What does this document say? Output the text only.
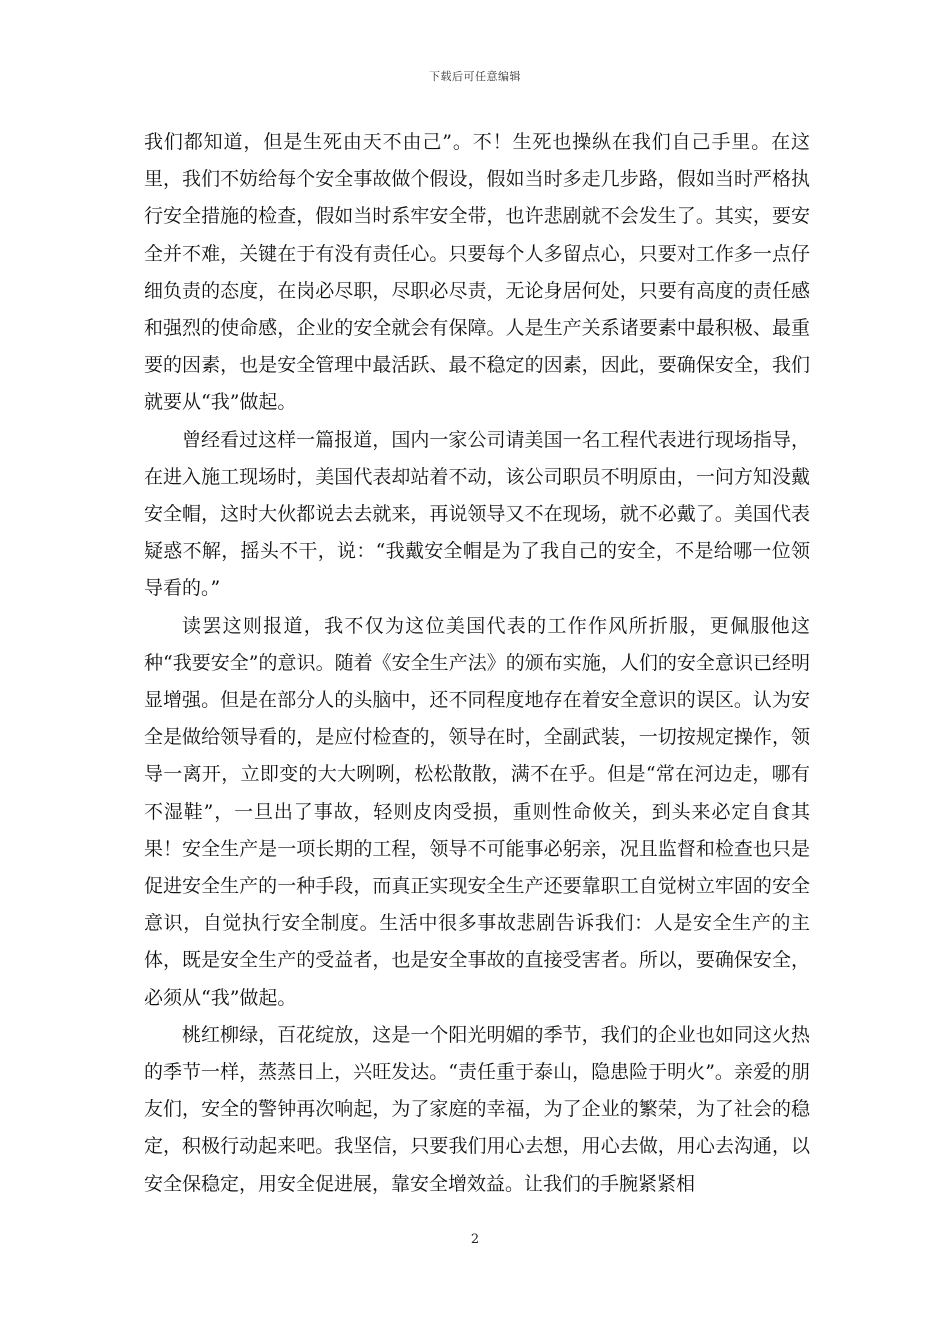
下载后可任意编辑

我们都知道，但是生死由天不由己”。不！生死也操纵在我们自己手里。在这里，我们不妨给每个安全事故做个假设，假如当时多走几步路，假如当时严格执行安全措施的检查，假如当时系牢安全带，也许悲剧就不会发生了。其实，要安全并不难，关键在于有没有责任心。只要每个人多留点心，只要对工作多一点仔细负责的态度，在岗必尽职，尽职必尽责，无论身居何处，只要有高度的责任感和强烈的使命感，企业的安全就会有保障。人是生产关系诸要素中最积极、最重要的因素，也是安全管理中最活跃、最不稳定的因素，因此，要确保安全，我们就要从“我”做起。

曾经看过这样一篇报道，国内一家公司请美国一名工程代表进行现场指导，在进入施工现场时，美国代表却站着不动，该公司职员不明原由，一问方知没戴安全帽，这时大伙都说去去就来，再说领导又不在现场，就不必戴了。美国代表疑惑不解，摇头不干，说：“我戴安全帽是为了我自己的安全，不是给哪一位领导看的。”

读罢这则报道，我不仅为这位美国代表的工作作风所折服，更佩服他这种“我要安全”的意识。随着《安全生产法》的颁布实施，人们的安全意识已经明显增强。但是在部分人的头脑中，还不同程度地存在着安全意识的误区。认为安全是做给领导看的，是应付检查的，领导在时，全副武装，一切按规定操作，领导一离开，立即变的大大咧咧，松松散散，满不在乎。但是“常在河边走，哪有不湿鞋”，一旦出了事故，轻则皮肉受损，重则性命攸关，到头来必定自食其果！安全生产是一项长期的工程，领导不可能事必躬亲，况且监督和检查也只是促进安全生产的一种手段，而真正实现安全生产还要靠职工自觉树立牢固的安全意识，自觉执行安全制度。生活中很多事故悲剧告诉我们：人是安全生产的主体，既是安全生产的受益者，也是安全事故的直接受害者。所以，要确保安全，必须从“我”做起。

桃红柳绿，百花绽放，这是一个阳光明媚的季节，我们的企业也如同这火热的季节一样，蒸蒸日上，兴旺发达。“责任重于泰山，隐患险于明火”。亲爱的朋友们，安全的警钟再次响起，为了家庭的幸福，为了企业的繁荣，为了社会的稳定，积极行动起来吧。我坚信，只要我们用心去想，用心去做，用心去沟通，以安全保稳定，用安全促进展，靠安全增效益。让我们的手腕紧紧相

2
